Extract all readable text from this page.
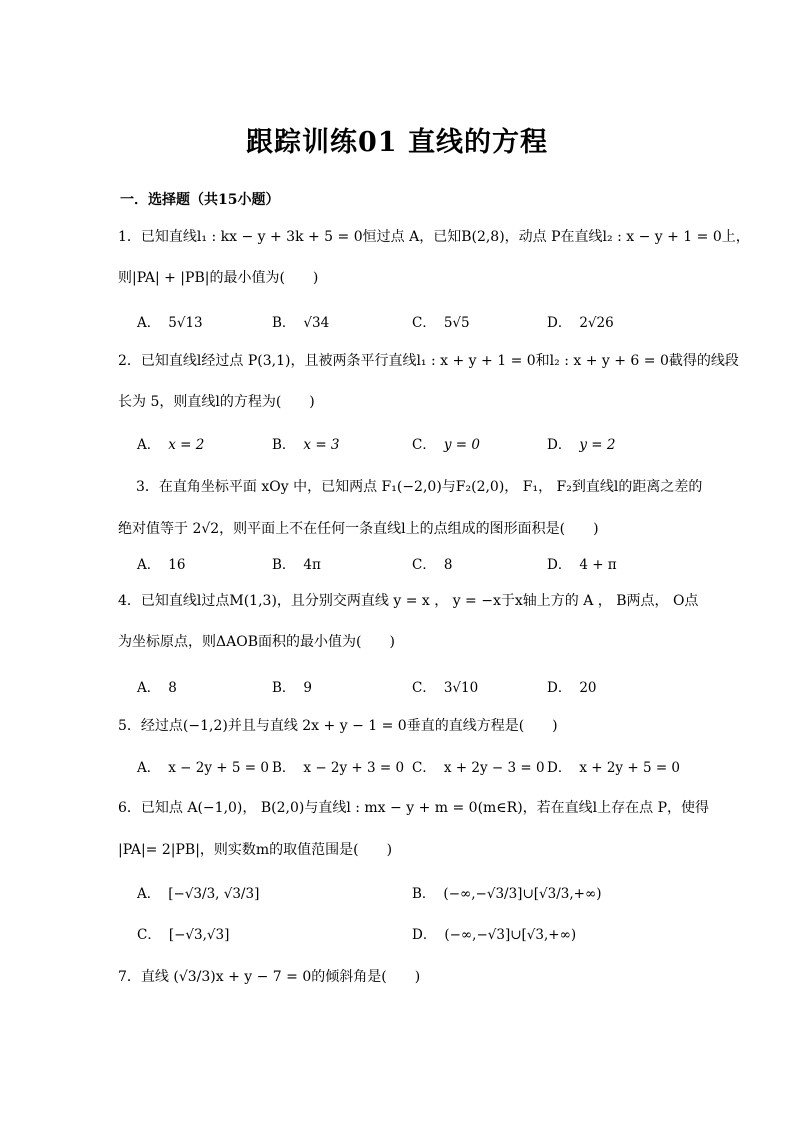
跟踪训练01 直线的方程
一．选择题（共15小题）
1．已知直线l₁ : kx − y + 3k + 5 = 0恒过点 A，已知B(2,8)，动点 P在直线l₂ : x − y + 1 = 0上，
则|PA| + |PB|的最小值为(　　)
A． 5√13	B． √34	C． 5√5	D． 2√26
2．已知直线l经过点 P(3,1)，且被两条平行直线l₁ : x + y + 1 = 0和l₂ : x + y + 6 = 0截得的线段
长为 5，则直线l的方程为(　　)
A． x = 2	B． x = 3	C． y = 0	D． y = 2
3．在直角坐标平面 xOy 中，已知两点 F₁(−2,0)与F₂(2,0)， F₁， F₂到直线l的距离之差的
绝对值等于 2√2，则平面上不在任何一条直线l上的点组成的图形面积是(　　)
A． 16	B． 4π	C． 8	D． 4 + π
4．已知直线l过点M(1,3)，且分别交两直线 y = x ， y = −x于x轴上方的 A ， B两点， O点
为坐标原点，则ΔAOB面积的最小值为(　　)
A． 8	B． 9	C． 3√10	D． 20
5．经过点(−1,2)并且与直线 2x + y − 1 = 0垂直的直线方程是(　　)
A． x − 2y + 5 = 0 B． x − 2y + 3 = 0 C． x + 2y − 3 = 0 D． x + 2y + 5 = 0
6．已知点 A(−1,0)， B(2,0)与直线l : mx − y + m = 0(m∈R)，若在直线l上存在点 P，使得
|PA|= 2|PB|，则实数m的取值范围是(　　)
A． [−√3/3, √3/3]	B． (−∞,−√3/3]∪[√3/3,+∞)
C． [−√3,√3]	D． (−∞,−√3]∪[√3,+∞)
7．直线 (√3/3)x + y − 7 = 0的倾斜角是(　　)
